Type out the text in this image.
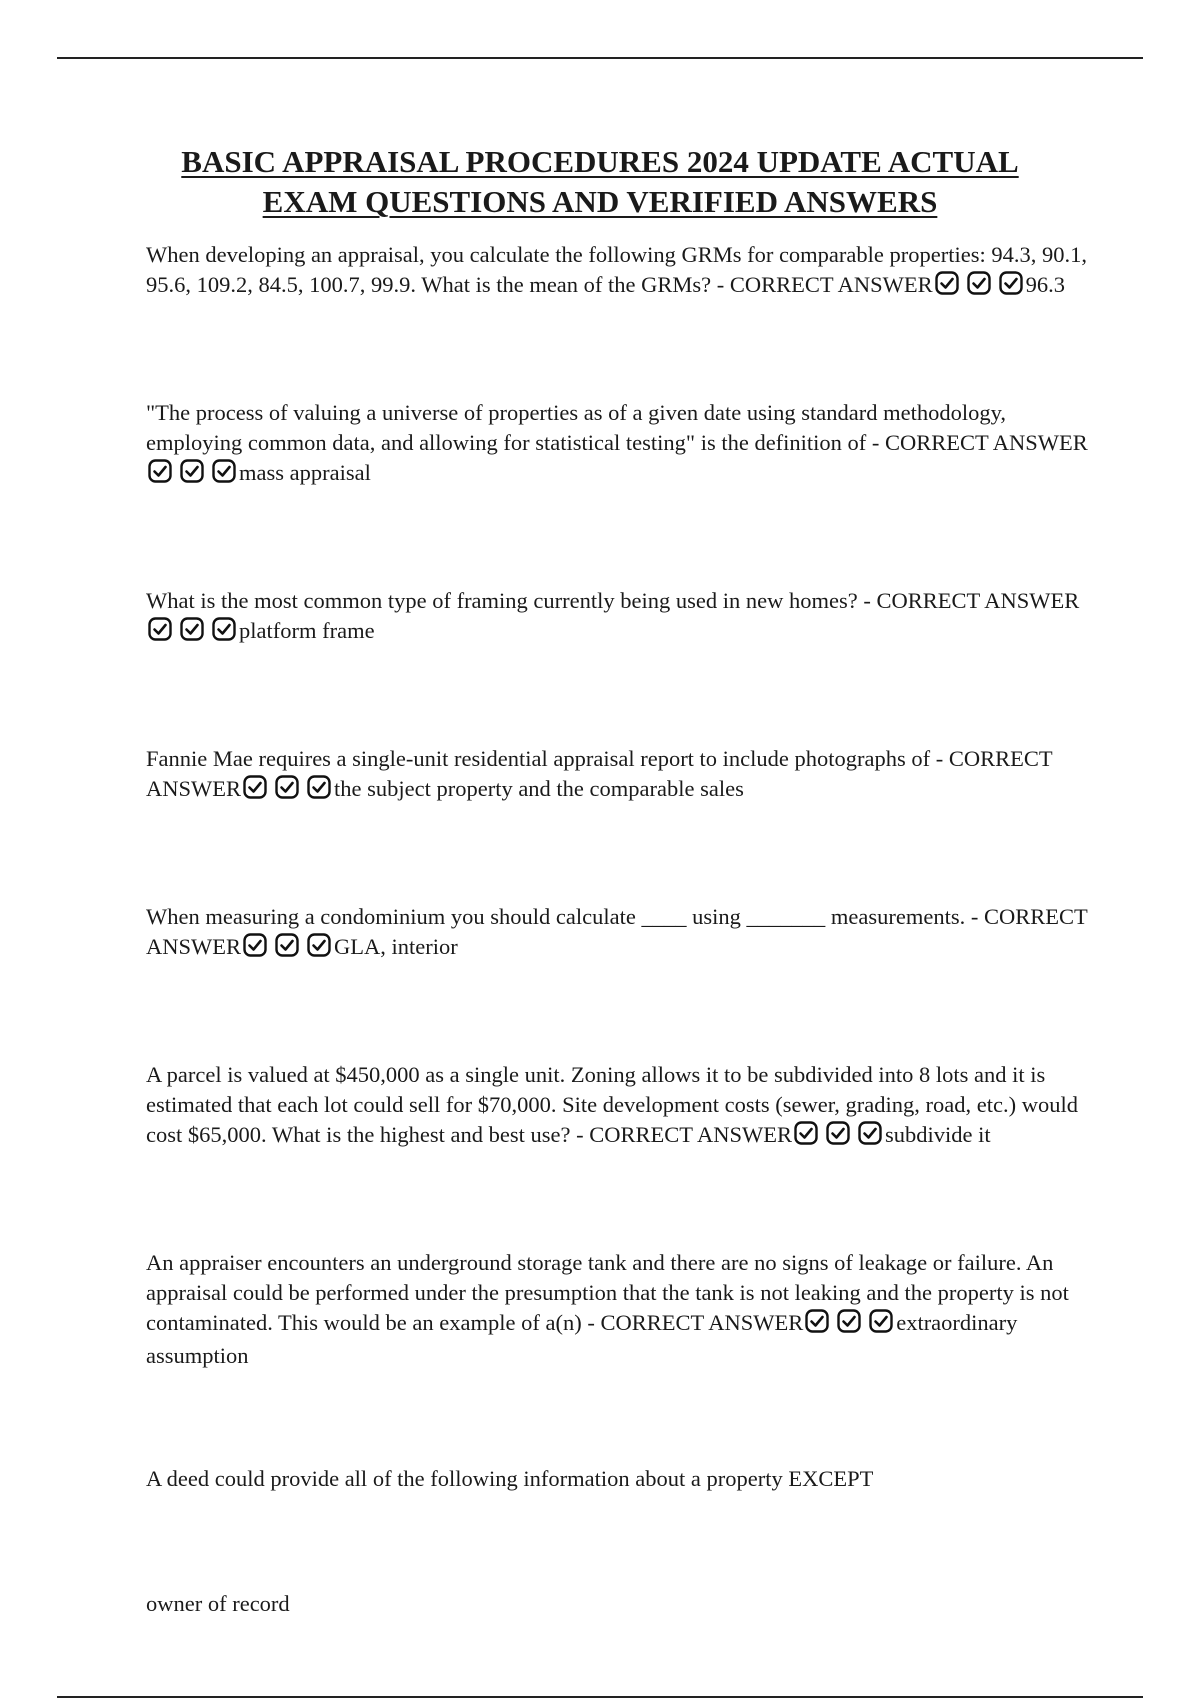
BASIC APPRAISAL PROCEDURES 2024 UPDATE ACTUAL
EXAM QUESTIONS AND VERIFIED ANSWERS

When developing an appraisal, you calculate the following GRMs for comparable properties: 94.3, 90.1, 95.6, 109.2, 84.5, 100.7, 99.9. What is the mean of the GRMs? - CORRECT ANSWER	96.3

"The process of valuing a universe of properties as of a given date using standard methodology, employing common data, and allowing for statistical testing" is the definition of - CORRECT ANSWER
mass appraisal

What is the most common type of framing currently being used in new homes? - CORRECT ANSWER
platform frame

Fannie Mae requires a single-unit residential appraisal report to include photographs of - CORRECT ANSWER	the subject property and the comparable sales

When measuring a condominium you should calculate ____ using _______ measurements. - CORRECT ANSWER	GLA, interior

A parcel is valued at $450,000 as a single unit. Zoning allows it to be subdivided into 8 lots and it is estimated that each lot could sell for $70,000. Site development costs (sewer, grading, road, etc.) would cost $65,000. What is the highest and best use? - CORRECT ANSWER	subdivide it

An appraiser encounters an underground storage tank and there are no signs of leakage or failure. An appraisal could be performed under the presumption that the tank is not leaking and the property is not contaminated. This would be an example of a(n) - CORRECT ANSWER	extraordinary assumption

A deed could provide all of the following information about a property EXCEPT

owner of record
